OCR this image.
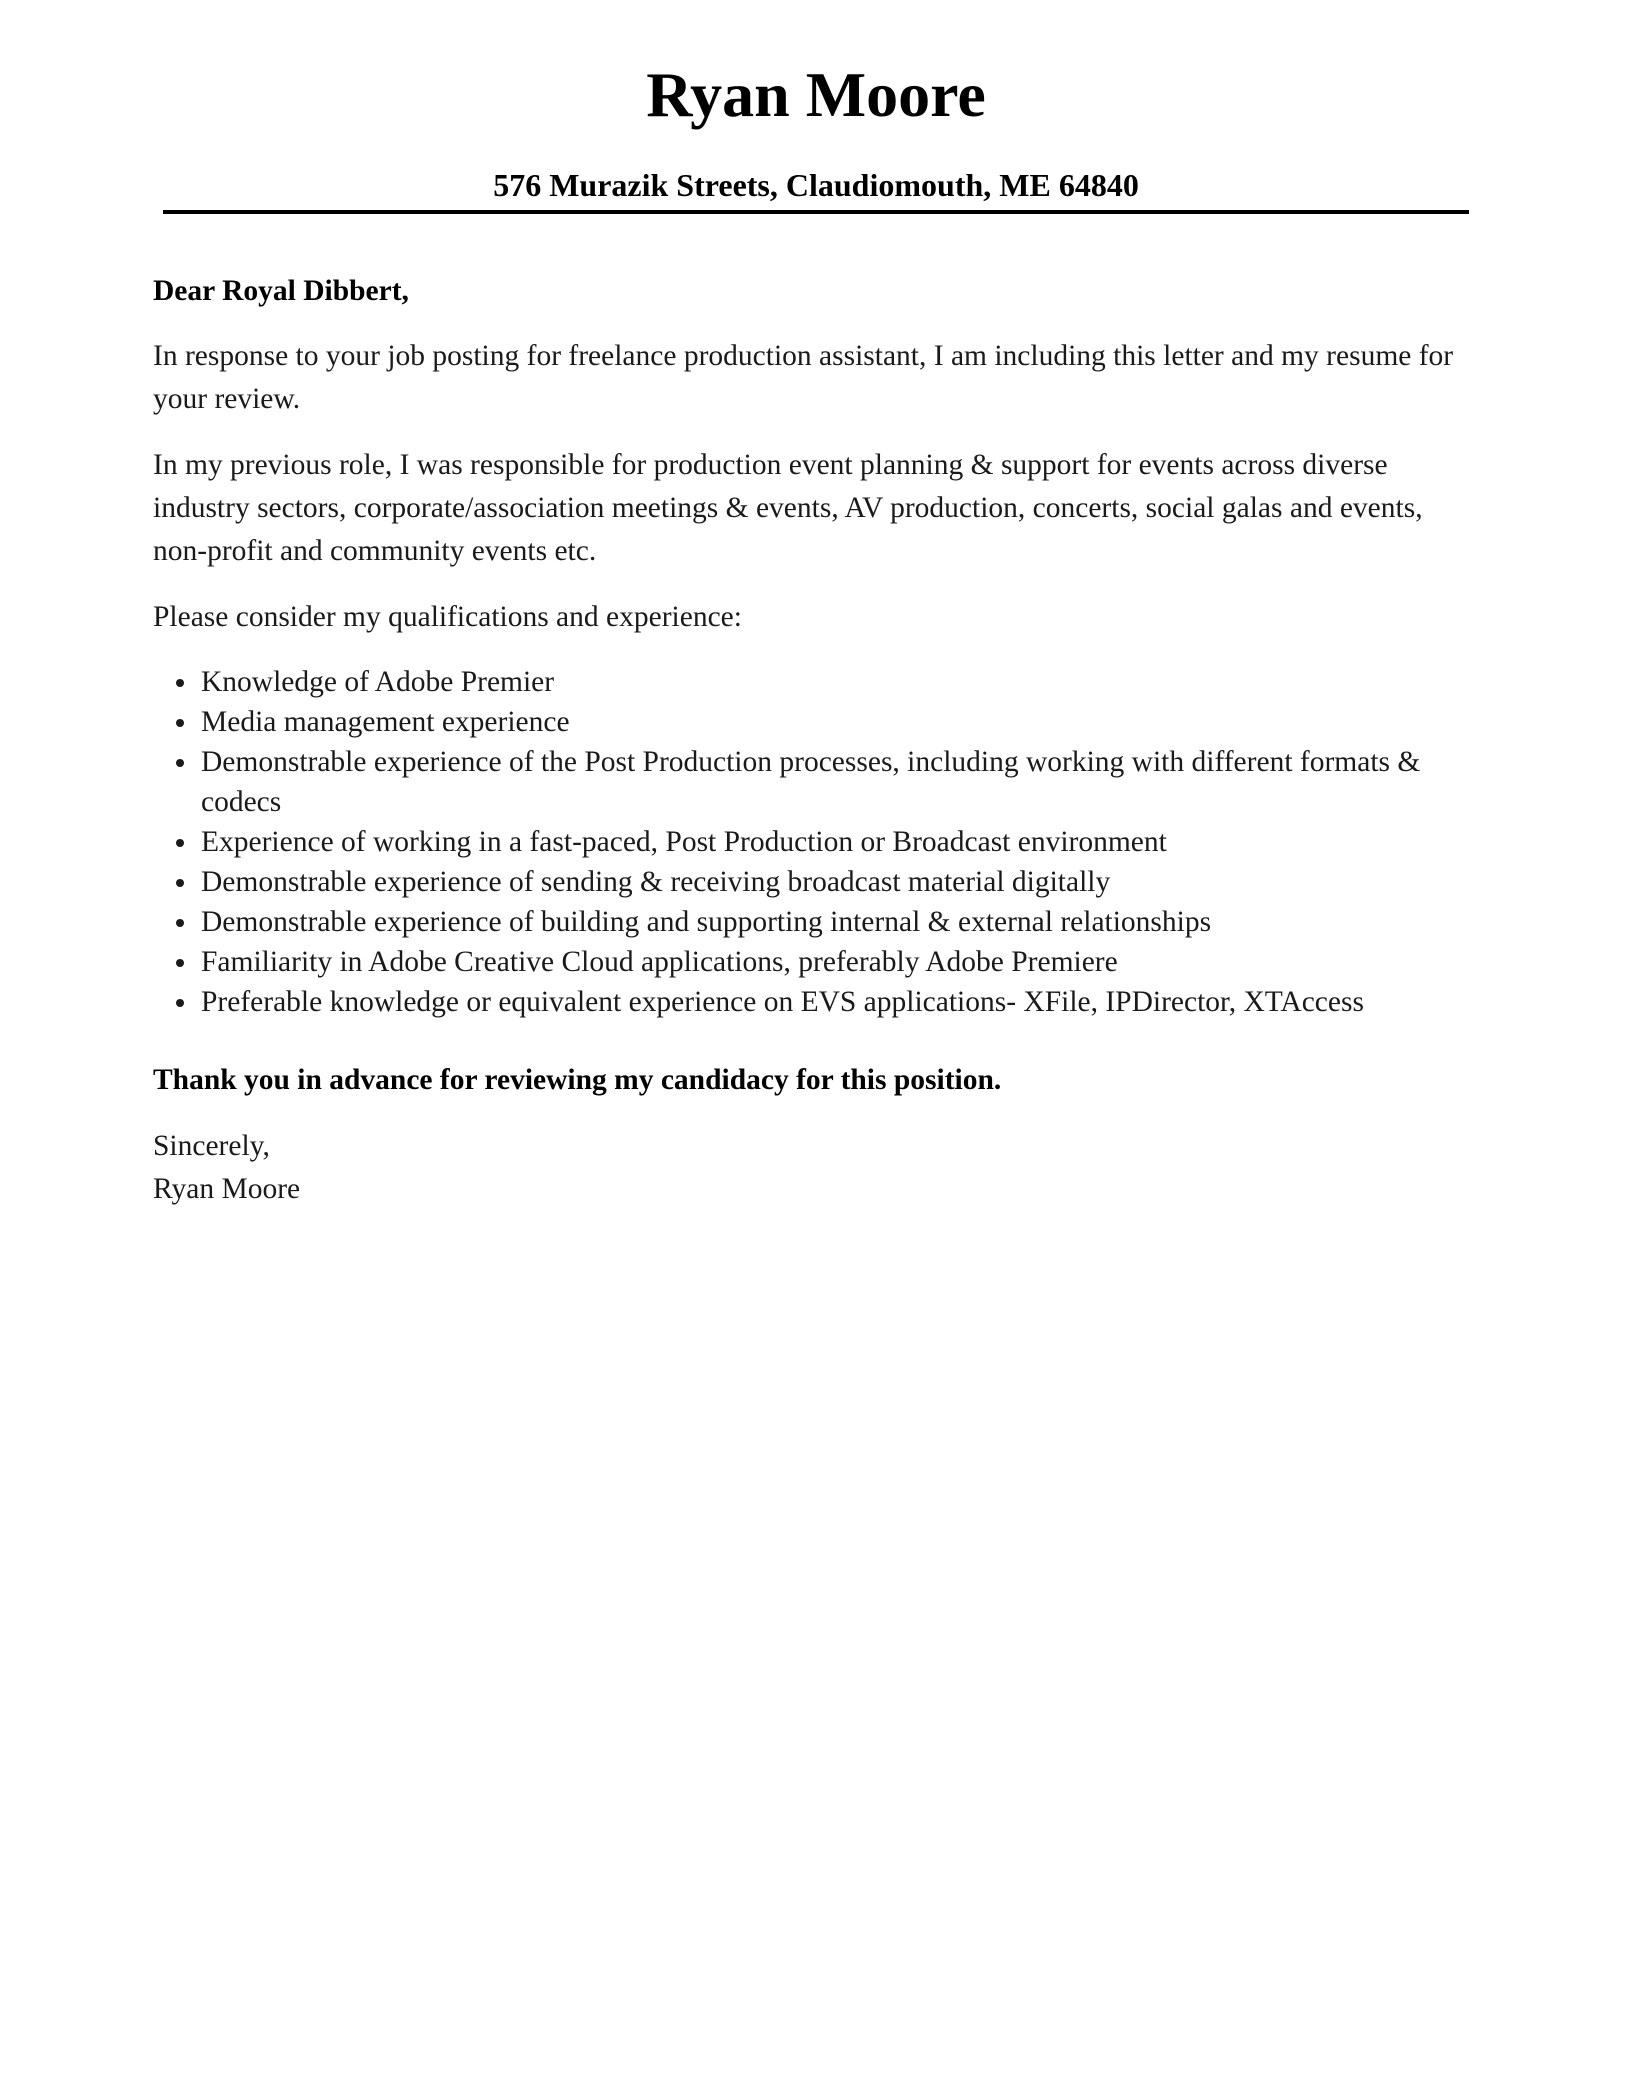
Ryan Moore
576 Murazik Streets, Claudiomouth, ME 64840

Dear Royal Dibbert,

In response to your job posting for freelance production assistant, I am including this letter and my resume for your review.

In my previous role, I was responsible for production event planning & support for events across diverse industry sectors, corporate/association meetings & events, AV production, concerts, social galas and events, non-profit and community events etc.

Please consider my qualifications and experience:

Knowledge of Adobe Premier
Media management experience
Demonstrable experience of the Post Production processes, including working with different formats & codecs
Experience of working in a fast-paced, Post Production or Broadcast environment
Demonstrable experience of sending & receiving broadcast material digitally
Demonstrable experience of building and supporting internal & external relationships
Familiarity in Adobe Creative Cloud applications, preferably Adobe Premiere
Preferable knowledge or equivalent experience on EVS applications- XFile, IPDirector, XTAccess

Thank you in advance for reviewing my candidacy for this position.

Sincerely,

Ryan Moore
